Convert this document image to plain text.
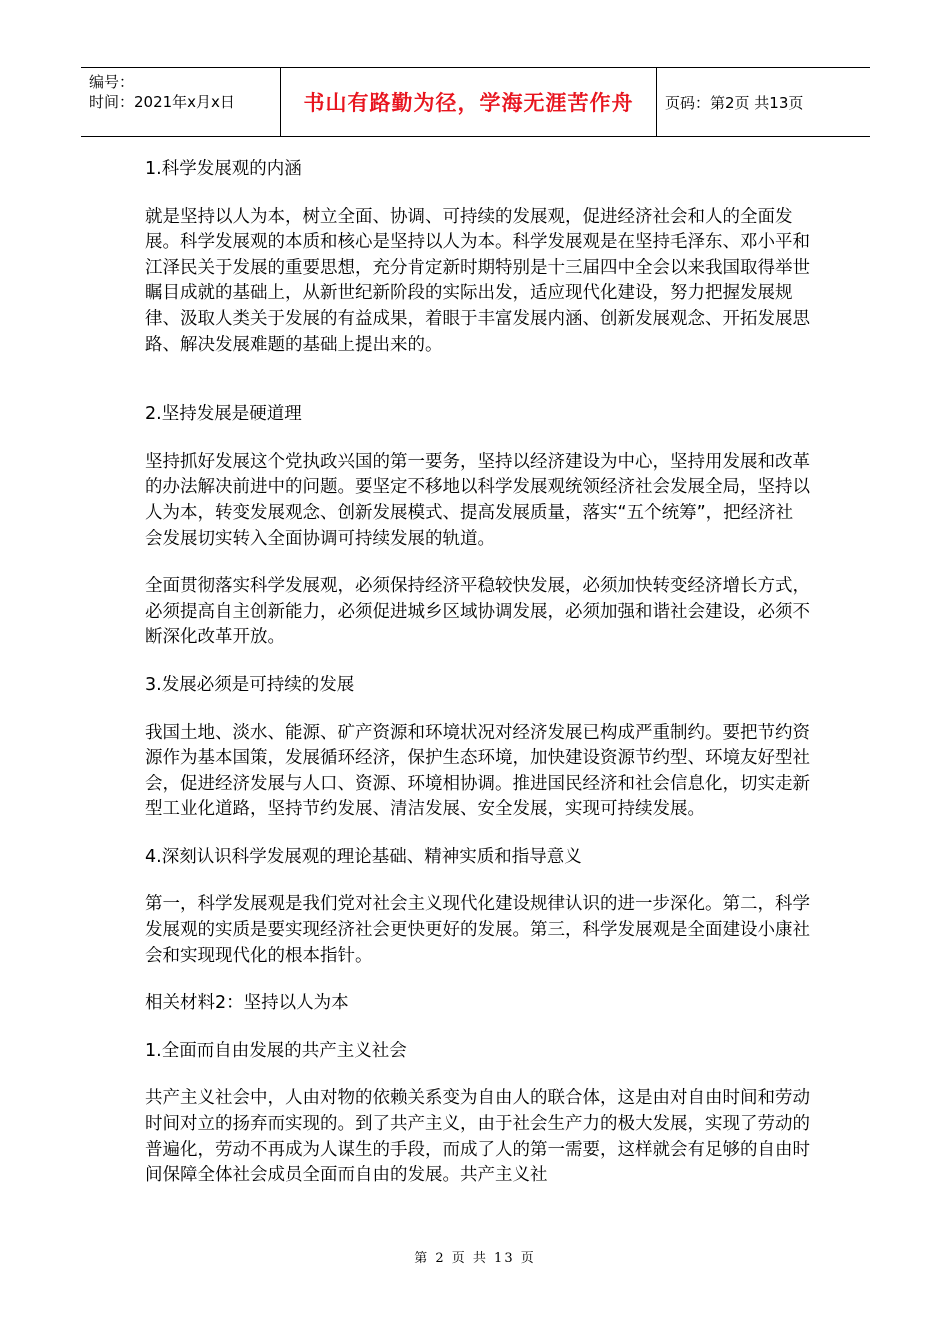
编号：
时间：2021年x月x日	书山有路勤为径，学海无涯苦作舟	页码：第2页 共13页

1.科学发展观的内涵

就是坚持以人为本，树立全面、协调、可持续的发展观，促进经济社会和人的全面发展。科学发展观的本质和核心是坚持以人为本。科学发展观是在坚持毛泽东、邓小平和江泽民关于发展的重要思想，充分肯定新时期特别是十三届四中全会以来我国取得举世瞩目成就的基础上，从新世纪新阶段的实际出发，适应现代化建设，努力把握发展规律、汲取人类关于发展的有益成果，着眼于丰富发展内涵、创新发展观念、开拓发展思路、解决发展难题的基础上提出来的。

2.坚持发展是硬道理

坚持抓好发展这个党执政兴国的第一要务，坚持以经济建设为中心，坚持用发展和改革的办法解决前进中的问题。要坚定不移地以科学发展观统领经济社会发展全局，坚持以人为本，转变发展观念、创新发展模式、提高发展质量，落实“五个统筹”，把经济社会发展切实转入全面协调可持续发展的轨道。

全面贯彻落实科学发展观，必须保持经济平稳较快发展，必须加快转变经济增长方式，必须提高自主创新能力，必须促进城乡区域协调发展，必须加强和谐社会建设，必须不断深化改革开放。

3.发展必须是可持续的发展

我国土地、淡水、能源、矿产资源和环境状况对经济发展已构成严重制约。要把节约资源作为基本国策，发展循环经济，保护生态环境，加快建设资源节约型、环境友好型社会，促进经济发展与人口、资源、环境相协调。推进国民经济和社会信息化，切实走新型工业化道路，坚持节约发展、清洁发展、安全发展，实现可持续发展。

4.深刻认识科学发展观的理论基础、精神实质和指导意义

第一，科学发展观是我们党对社会主义现代化建设规律认识的进一步深化。第二，科学发展观的实质是要实现经济社会更快更好的发展。第三，科学发展观是全面建设小康社会和实现现代化的根本指针。

相关材料2：坚持以人为本

1.全面而自由发展的共产主义社会

共产主义社会中，人由对物的依赖关系变为自由人的联合体，这是由对自由时间和劳动时间对立的扬弃而实现的。到了共产主义，由于社会生产力的极大发展，实现了劳动的普遍化，劳动不再成为人谋生的手段，而成了人的第一需要，这样就会有足够的自由时间保障全体社会成员全面而自由的发展。共产主义社

第 2 页 共 13 页
